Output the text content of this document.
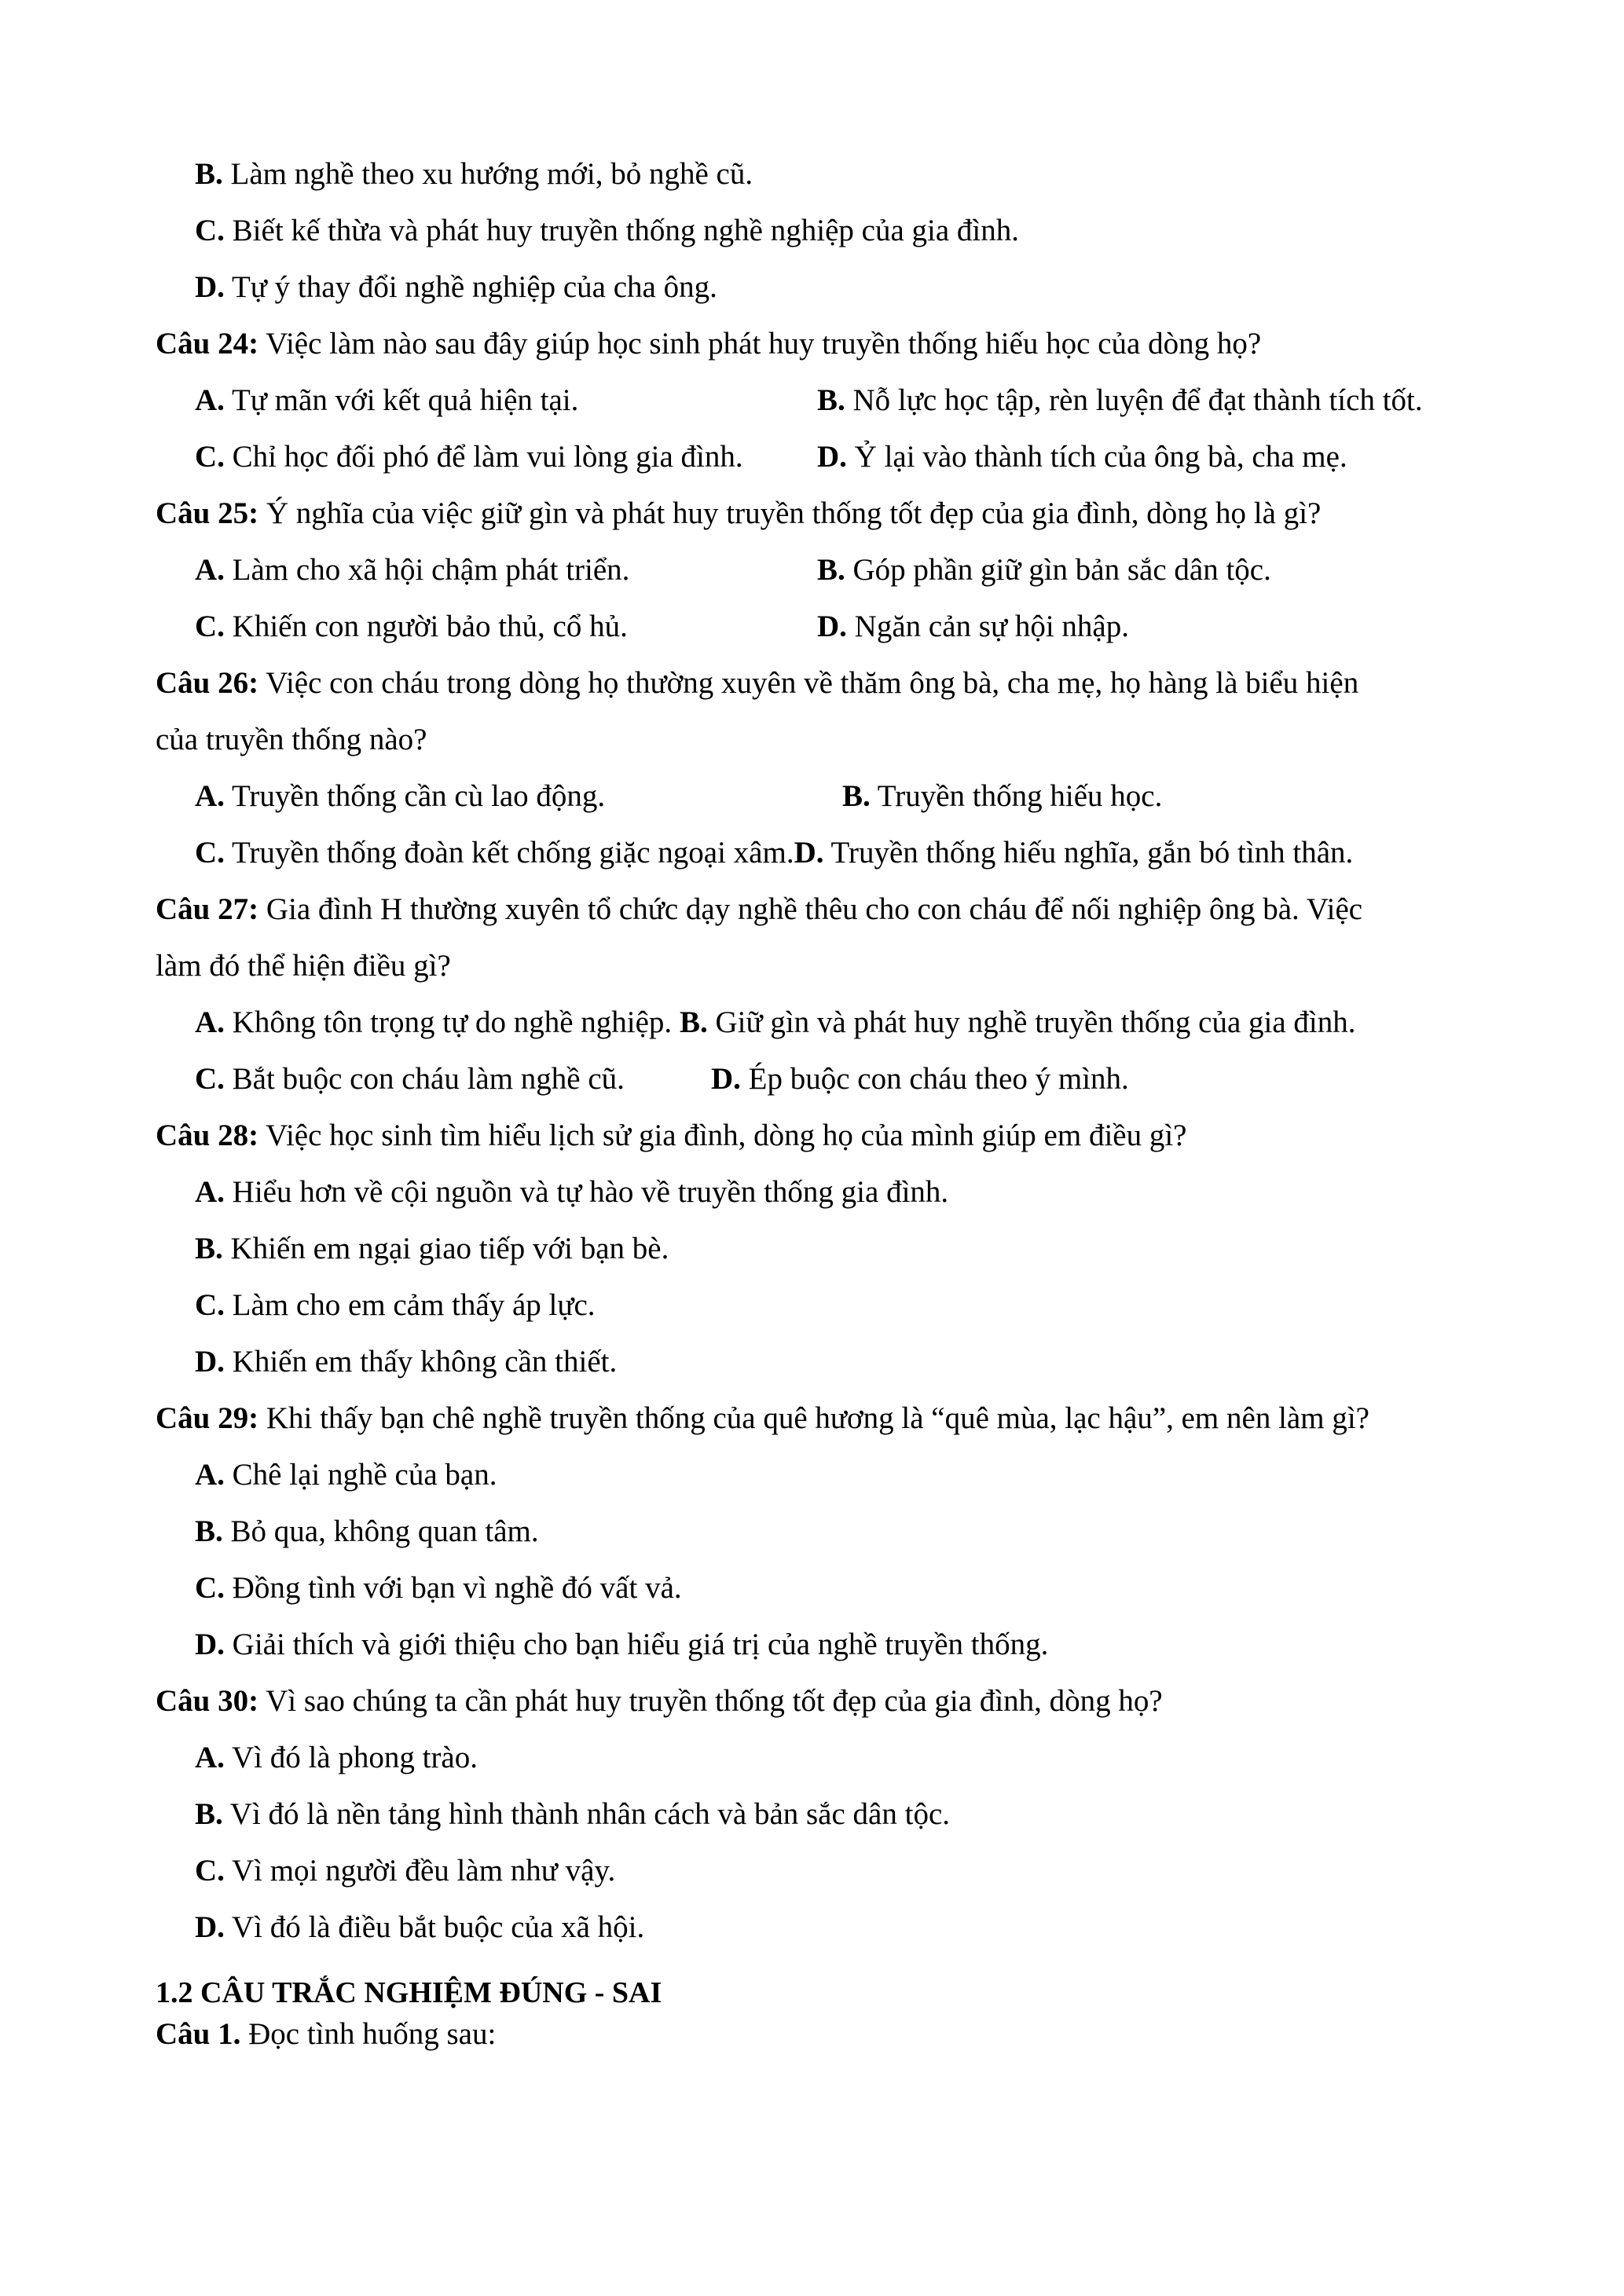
B. Làm nghề theo xu hướng mới, bỏ nghề cũ.
C. Biết kế thừa và phát huy truyền thống nghề nghiệp của gia đình.
D. Tự ý thay đổi nghề nghiệp của cha ông.
Câu 24: Việc làm nào sau đây giúp học sinh phát huy truyền thống hiếu học của dòng họ?
A. Tự mãn với kết quả hiện tại.	B. Nỗ lực học tập, rèn luyện để đạt thành tích tốt.
C. Chỉ học đối phó để làm vui lòng gia đình. D. Ỷ lại vào thành tích của ông bà, cha mẹ.
Câu 25: Ý nghĩa của việc giữ gìn và phát huy truyền thống tốt đẹp của gia đình, dòng họ là gì?
A. Làm cho xã hội chậm phát triển.	B. Góp phần giữ gìn bản sắc dân tộc.
C. Khiến con người bảo thủ, cổ hủ.	D. Ngăn cản sự hội nhập.
Câu 26: Việc con cháu trong dòng họ thường xuyên về thăm ông bà, cha mẹ, họ hàng là biểu hiện
của truyền thống nào?
A. Truyền thống cần cù lao động.	B. Truyền thống hiếu học.
C. Truyền thống đoàn kết chống giặc ngoại xâm.D. Truyền thống hiếu nghĩa, gắn bó tình thân.
Câu 27: Gia đình H thường xuyên tổ chức dạy nghề thêu cho con cháu để nối nghiệp ông bà. Việc
làm đó thể hiện điều gì?
A. Không tôn trọng tự do nghề nghiệp. B. Giữ gìn và phát huy nghề truyền thống của gia đình.
C. Bắt buộc con cháu làm nghề cũ.	D. Ép buộc con cháu theo ý mình.
Câu 28: Việc học sinh tìm hiểu lịch sử gia đình, dòng họ của mình giúp em điều gì?
A. Hiểu hơn về cội nguồn và tự hào về truyền thống gia đình.
B. Khiến em ngại giao tiếp với bạn bè.
C. Làm cho em cảm thấy áp lực.
D. Khiến em thấy không cần thiết.
Câu 29: Khi thấy bạn chê nghề truyền thống của quê hương là “quê mùa, lạc hậu”, em nên làm gì?
A. Chê lại nghề của bạn.
B. Bỏ qua, không quan tâm.
C. Đồng tình với bạn vì nghề đó vất vả.
D. Giải thích và giới thiệu cho bạn hiểu giá trị của nghề truyền thống.
Câu 30: Vì sao chúng ta cần phát huy truyền thống tốt đẹp của gia đình, dòng họ?
A. Vì đó là phong trào.
B. Vì đó là nền tảng hình thành nhân cách và bản sắc dân tộc.
C. Vì mọi người đều làm như vậy.
D. Vì đó là điều bắt buộc của xã hội.
1.2 CÂU TRẮC NGHIỆM ĐÚNG - SAI
Câu 1. Đọc tình huống sau:
